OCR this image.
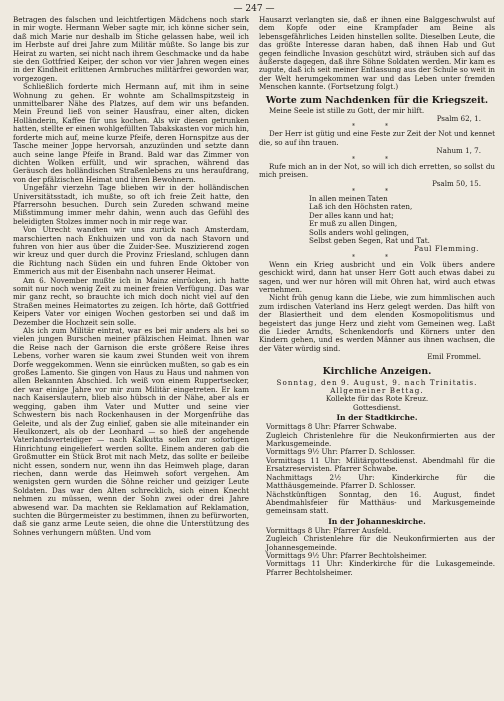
— 247 —

Betragen des falschen und leichtfertigen Mädchens noch stark in mir wogte. Hermann Weber sagte mir, ich könne sicher sein, daß mich Marie nur deshalb im Stiche gelassen habe, weil ich im Herbste auf drei Jahre zum Militär müßte. So lange bis zur Heirat zu warten, sei nicht nach ihrem Geschmacke und da habe sie den Gottfried Keiper, der schon vor vier Jahren wegen eines in der Kindheit erlittenen Armbruches militärfrei geworden war, vorgezogen.

Schließlich forderte mich Hermann auf, mit ihm in seine Wohnung zu gehen. Er wohnte am Schallmspitzsteig in unmittelbarer Nähe des Platzes, auf dem wir uns befanden. Mein Freund ließ von seiner Hausfrau, einer alten, dicken Holländerin, Kaffee für uns kochen. Als wir diesen getrunken hatten, stellte er einen wohlgefüllten Tabakskasten vor mich hin, forderte mich auf, meine kurze Pfeife, deren Hornspitze aus der Tasche meiner Joppe hervorsah, anzuzünden und setzte dann auch seine lange Pfeife in Brand. Bald war das Zimmer von dichten Wolken erfüllt, und wir sprachen, während das Geräusch des holländischen Straßenlebens zu uns heraufdrang, von der pfälzischen Heimat und ihren Bewohnern.

Ungefähr vierzehn Tage blieben wir in der holländischen Universitätsstadt, ich mußte, so oft ich freie Zeit hatte, den Pfarrersohn besuchen. Durch sein Zureden schwand meine Mißstimmung immer mehr dahin, wenn auch das Gefühl des beleidigten Stolzes immer noch in mir rege war.

Von Utrecht wandten wir uns zurück nach Amsterdam, marschierten nach Enkhuizen und von da nach Stavorn und fuhren von hier aus über die Zuider-See. Muszizierend zogen wir kreuz und quer durch die Provinz Friesland, schlugen dann die Richtung nach Süden ein und fuhren Ende Oktober von Emmerich aus mit der Eisenbahn nach unserer Heimat.

Am 6. November mußte ich in Mainz einrücken, ich hatte somit nur noch wenig Zeit zu meiner freien Verfügung. Das war mir ganz recht, so brauchte ich mich doch nicht viel auf den Straßen meines Heimatortes zu zeigen. Ich hörte, daß Gottfried Keipers Vater vor einigen Wochen gestorben sei und daß im Dezember die Hochzeit sein solle.

Als ich zum Militär eintrat, war es bei mir anders als bei so vielen jungen Burschen meiner pfälzischen Heimat. Ihnen war die Reise nach der Garnison die erste größere Reise ihres Lebens, vorher waren sie kaum zwei Stunden weit von ihrem Dorfe weggekommen. Wenn sie einrücken mußten, so gab es ein großes Lamento. Sie gingen von Haus zu Haus und nahmen von allen Bekannten Abschied. Ich weiß von einem Ruppertsecker, der war einige Jahre vor mir zum Militär eingetreten. Er kam nach Kaiserslautern, blieb also hübsch in der Nähe, aber als er wegging, gaben ihm Vater und Mutter und seine vier Schwestern bis nach Rockenhausen in der Morgenfrühe das Geleite, und als der Zug einlief, gaben sie alle miteinander ein Heulkonzert, als ob der Leonhard — so hieß der angehende Vaterlandsverteidiger — nach Kalkutta sollen zur sofortigen Hinrichtung eingeliefert werden sollte. Einem anderen gab die Großmutter ein Stück Brot mit nach Metz, das sollte er beileibe nicht essen, sondern nur, wenn ihn das Heimweh plage, daran riechen, dann werde das Heimweh sofort vergehen. Am wenigsten gern wurden die Söhne reicher und geiziger Leute Soldaten. Das war den Alten schrecklich, sich einen Knecht nehmen zu müssen, wenn der Sohn zwei oder drei Jahre abwesend war. Da machten sie Reklamation auf Reklamation, suchten die Bürgermeister zu bestimmen, ihnen zu befürworten, daß sie ganz arme Leute seien, die ohne die Unterstützung des Sohnes verhungern müßten. Und vom

Hausarzt verlangten sie, daß er ihnen eine Balggeschwulst auf dem Kopfe oder eine Krampfader am Beine als lebensgefährliches Leiden hinstellen sollte. Dieselben Leute, die das größte Interesse daran haben, daß ihnen Hab und Gut gegen feindliche Invasion geschützt wird, sträuben sich auf das äußerste dagegen, daß ihre Söhne Soldaten werden. Mir kam es zugute, daß ich seit meiner Entlassung aus der Schule so weit in der Welt herumgekommen war und das Leben unter fremden Menschen kannte. (Fortsetzung folgt.)

Worte zum Nachdenken für die Kriegszeit.

Meine Seele ist stille zu Gott, der mir hilft.

Psalm 62, 1.
* *

Der Herr ist gütig und eine Feste zur Zeit der Not und kennet die, so auf ihn trauen.

Nahum 1, 7.
* *

Rufe mich an in der Not, so will ich dich erretten, so sollst du mich preisen.

Psalm 50, 15.
* *
In allen meinen Taten
Laß ich den Höchsten raten,
Der alles kann und hat;
Er muß zu allen Dingen,
Solls anders wohl gelingen,
Selbst geben Segen, Rat und Tat.
Paul Flemming.
* *

Wenn ein Krieg ausbricht und ein Volk übers andere geschickt wird, dann hat unser Herr Gott auch etwas dabei zu sagen, und wer nur hören will mit Ohren hat, wird auch etwas vernehmen.

Nicht früh genug kann die Liebe, wie zum himmlischen auch zum irdischen Vaterland ins Herz gelegt werden. Das hilft von der Blasiertheit und dem elenden Kosmopolitismus und begeistert das junge Herz und zieht vom Gemeinen weg. Laßt die Lieder Arndts, Schenkendorfs und Körners unter den Kindern gehen, und es werden Männer aus ihnen wachsen, die der Väter würdig sind.

Emil Frommel.
Kirchliche Anzeigen.
Sonntag, den 9. August, 9. nach Trinitatis.
Allgemeiner Bettag.
Kollekte für das Rote Kreuz.
Gottesdienst.
In der Stadtkirche.
Vormittags 8 Uhr: Pfarrer Schwabe.
Zugleich Christenlehre für die Neukonfirmierten aus der Markusgemeinde.
Vormittags 9½ Uhr: Pfarrer D. Schlosser.
Vormittags 11 Uhr: Militärgottesdienst. Abendmahl für die Ersatzreservisten. Pfarrer Schwabe.
Nachmittags 2½ Uhr: Kinderkirche für die Matthäusgemeinde. Pfarrer D. Schlosser.
Nächstkünftigen Sonntag, den 16. August, findet Abendmahlsfeier für Matthäus- und Markusgemeinde gemeinsam statt.
In der Johanneskirche.
Vormittags 8 Uhr: Pfarrer Ausfeld.
Zugleich Christenlehre für die Neukonfirmierten aus der Johannesgemeinde.
Vormittags 9½ Uhr: Pfarrer Bechtolsheimer.
Vormittags 11 Uhr: Kinderkirche für die Lukasgemeinde. Pfarrer Bechtolsheimer.
